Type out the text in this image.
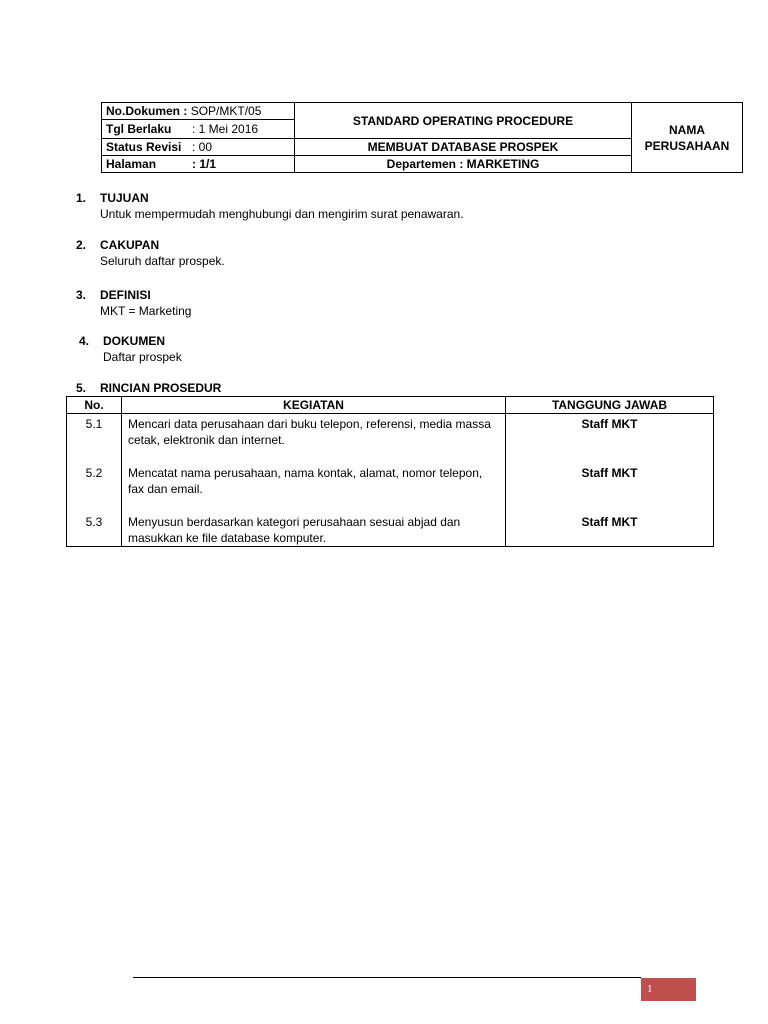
No.Dokumen : SOP/MKT/05	STANDARD OPERATING PROCEDURE	NAMA
PERUSAHAAN

Tgl Berlaku : 1 Mei 2016		
Status Revisi : 00	MEMBUAT DATABASE PROSPEK	
Halaman : 1/1	Departemen : MARKETING	
1. TUJUAN
Untuk mempermudah menghubungi dan mengirim surat penawaran.
2. CAKUPAN
Seluruh daftar prospek.
3. DEFINISI
MKT = Marketing
4. DOKUMEN
Daftar prospek
5. RINCIAN PROSEDUR
No.	KEGIATAN	TANGGUNG JAWAB
5.1	Mencari data perusahaan dari buku telepon, referensi, media massa cetak, elektronik dan internet.	Staff MKT
5.2	Mencatat nama perusahaan, nama kontak, alamat, nomor telepon, fax dan email.	Staff MKT
5.3	Menyusun berdasarkan kategori perusahaan sesuai abjad dan masukkan ke file database komputer.	Staff MKT
1
